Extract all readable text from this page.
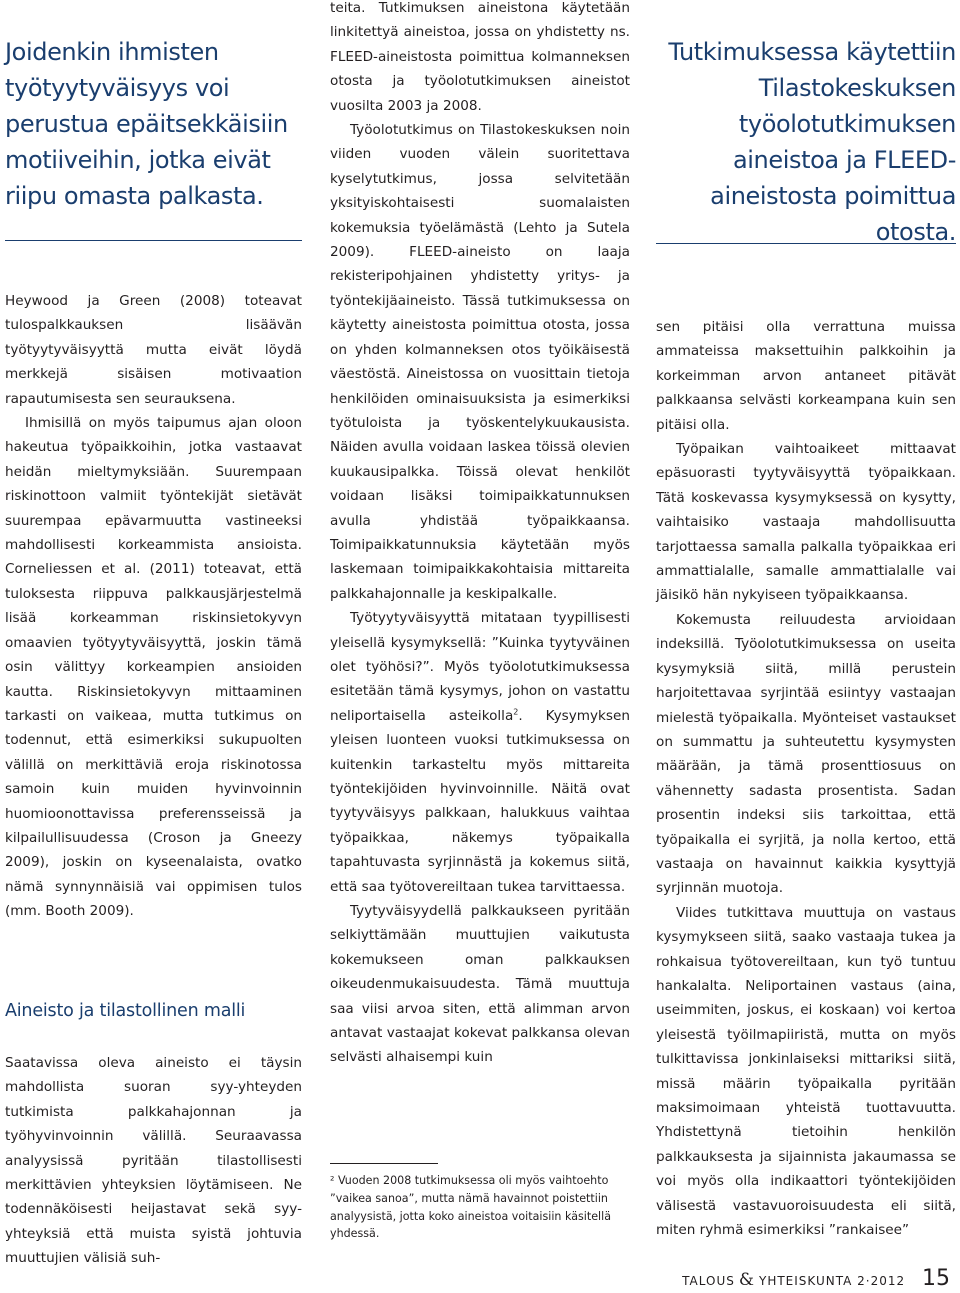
Joidenkin ihmisten työtyytyväisyys voi perustua epäitsekkäisiin motiiveihin, jotka eivät riipu omasta palkasta.

Heywood ja Green (2008) toteavat tulospalkkauksen lisäävän työtyytyväisyyttä mutta eivät löydä merkkejä sisäisen motivaation rapautumisesta sen seurauksena.

Ihmisillä on myös taipumus ajan oloon hakeutua työpaikkoihin, jotka vastaavat heidän mieltymyksiään. Suurempaan riskinottoon valmiit työntekijät sietävät suurempaa epävarmuutta vastineeksi mahdollisesti korkeammista ansioista. Corneliessen et al. (2011) toteavat, että tuloksesta riippuva palkkausjärjestelmä lisää korkeamman riskinsietokyvyn omaavien työtyytyväisyyttä, joskin tämä osin välittyy korkeampien ansioiden kautta. Riskinsietokyvyn mittaaminen tarkasti on vaikeaa, mutta tutkimus on todennut, että esimerkiksi sukupuolten välillä on merkittäviä eroja riskinotossa samoin kuin muiden hyvinvoinnin huomioonottavissa preferensseissä ja kilpailullisuudessa (Croson ja Gneezy 2009), joskin on kyseenalaista, ovatko nämä synnynnäisiä vai oppimisen tulos (mm. Booth 2009).

Aineisto ja tilastollinen malli

Saatavissa oleva aineisto ei täysin mahdollista suoran syy-yhteyden tutkimista palkkahajonnan ja työhyvinvoinnin välillä. Seuraavassa analyysissä pyritään tilastollisesti merkittävien yhteyksien löytämiseen. Ne todennäköisesti heijastavat sekä syy-yhteyksiä että muista syistä johtuvia muuttujien välisiä suh-

teita. Tutkimuksen aineistona käytetään linkitettyä aineistoa, jossa on yhdistetty ns. FLEED-aineistosta poimittua kolmanneksen otosta ja työolotutkimuksen aineistot vuosilta 2003 ja 2008.

Työolotutkimus on Tilastokeskuksen noin viiden vuoden välein suoritettava kyselytutkimus, jossa selvitetään yksityiskohtaisesti suomalaisten kokemuksia työelämästä (Lehto ja Sutela 2009). FLEED-aineisto on laaja rekisteripohjainen yhdistetty yritys- ja työntekijäaineisto. Tässä tutkimuksessa on käytetty aineistosta poimittua otosta, jossa on yhden kolmanneksen otos työikäisestä väestöstä. Aineistossa on vuosittain tietoja henkilöiden ominaisuuksista ja esimerkiksi työtuloista ja työskentelykuukausista. Näiden avulla voidaan laskea töissä olevien kuukausipalkka. Töissä olevat henkilöt voidaan lisäksi toimipaikkatunnuksen avulla yhdistää työpaikkaansa. Toimipaikkatunnuksia käytetään myös laskemaan toimipaikkakohtaisia mittareita palkkahajonnalle ja keskipalkalle.

Työtyytyväisyyttä mitataan tyypillisesti yleisellä kysymyksellä: ”Kuinka tyytyväinen olet työhösi?”. Myös työolotutkimuksessa esitetään tämä kysymys, johon on vastattu neliportaisella asteikolla$^2$. Kysymyksen yleisen luonteen vuoksi tutkimuksessa on kuitenkin tarkasteltu myös mittareita työntekijöiden hyvinvoinnille. Näitä ovat tyytyväisyys palkkaan, halukkuus vaihtaa työpaikkaa, näkemys työpaikalla tapahtuvasta syrjinnästä ja kokemus siitä, että saa työtovereiltaan tukea tarvittaessa.

Tyytyväisyydellä palkkaukseen pyritään selkiyttämään muuttujien vaikutusta kokemukseen oman palkkauksen oikeudenmukaisuudesta. Tämä muuttuja saa viisi arvoa siten, että alimman arvon antavat vastaajat kokevat palkkansa olevan selvästi alhaisempi kuin

² Vuoden 2008 tutkimuksessa oli myös vaihtoehto ”vaikea sanoa”, mutta nämä havainnot poistettiin analyysistä, jotta koko aineistoa voitaisiin käsitellä yhdessä.

Tutkimuksessa käytettiin Tilastokeskuksen työolotutkimuksen aineistoa ja FLEED-aineistosta poimittua otosta.

sen pitäisi olla verrattuna muissa ammateissa maksettuihin palkkoihin ja korkeimman arvon antaneet pitävät palkkaansa selvästi korkeampana kuin sen pitäisi olla.

Työpaikan vaihtoaikeet mittaavat epäsuorasti tyytyväisyyttä työpaikkaan. Tätä koskevassa kysymyksessä on kysytty, vaihtaisiko vastaaja mahdollisuutta tarjottaessa samalla palkalla työpaikkaa eri ammattialalle, samalle ammattialalle vai jäisikö hän nykyiseen työpaikkaansa.

Kokemusta reiluudesta arvioidaan indeksillä. Työolotutkimuksessa on useita kysymyksiä siitä, millä perustein harjoitettavaa syrjintää esiintyy vastaajan mielestä työpaikalla. Myönteiset vastaukset on summattu ja suhteutettu kysymysten määrään, ja tämä prosenttiosuus on vähennetty sadasta prosentista. Sadan prosentin indeksi siis tarkoittaa, että työpaikalla ei syrjitä, ja nolla kertoo, että vastaaja on havainnut kaikkia kysyttyjä syrjinnän muotoja.

Viides tutkittava muuttuja on vastaus kysymykseen siitä, saako vastaaja tukea ja rohkaisua työtovereiltaan, kun työ tuntuu hankalalta. Neliportainen vastaus (aina, useimmiten, joskus, ei koskaan) voi kertoa yleisestä työilmapiiristä, mutta on myös tulkittavissa jonkinlaiseksi mittariksi siitä, missä määrin työpaikalla pyritään maksimoimaan yhteistä tuottavuutta. Yhdistettynä tietoihin henkilön palkkauksesta ja sijainnista jakaumassa se voi myös olla indikaattori työntekijöiden välisestä vastavuoroisuudesta eli siitä, miten ryhmä esimerkiksi ”rankaisee”

TALOUS & YHTEISKUNTA 2·2012 15
